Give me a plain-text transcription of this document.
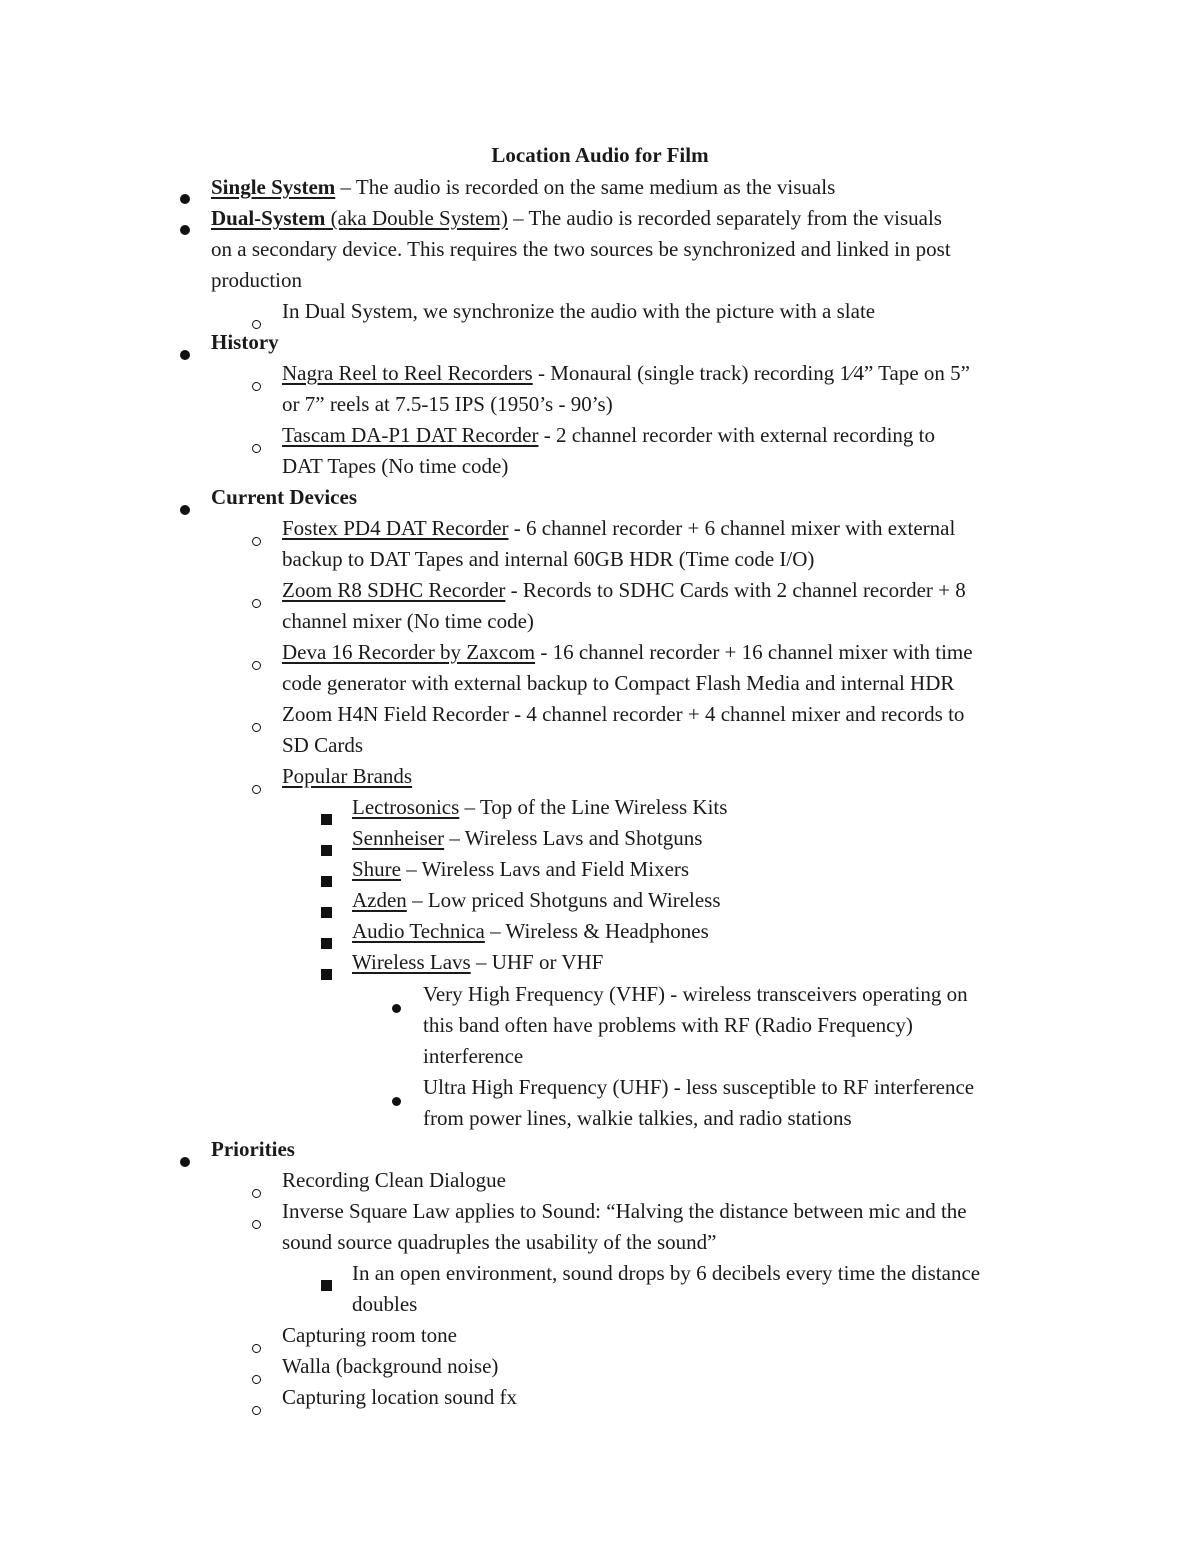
Location Audio for Film
Single System – The audio is recorded on the same medium as the visuals
Dual-System (aka Double System) – The audio is recorded separately from the visuals
on a secondary device. This requires the two sources be synchronized and linked in post
production
In Dual System, we synchronize the audio with the picture with a slate
History
Nagra Reel to Reel Recorders - Monaural (single track) recording 1⁄4” Tape on 5”
or 7” reels at 7.5-15 IPS (1950’s - 90’s)
Tascam DA-P1 DAT Recorder - 2 channel recorder with external recording to
DAT Tapes (No time code)
Current Devices
Fostex PD4 DAT Recorder - 6 channel recorder + 6 channel mixer with external
backup to DAT Tapes and internal 60GB HDR (Time code I/O)
Zoom R8 SDHC Recorder - Records to SDHC Cards with 2 channel recorder + 8
channel mixer (No time code)
Deva 16 Recorder by Zaxcom - 16 channel recorder + 16 channel mixer with time
code generator with external backup to Compact Flash Media and internal HDR
Zoom H4N Field Recorder - 4 channel recorder + 4 channel mixer and records to
SD Cards
Popular Brands
Lectrosonics – Top of the Line Wireless Kits
Sennheiser – Wireless Lavs and Shotguns
Shure – Wireless Lavs and Field Mixers
Azden – Low priced Shotguns and Wireless
Audio Technica – Wireless & Headphones
Wireless Lavs – UHF or VHF
Very High Frequency (VHF) - wireless transceivers operating on
this band often have problems with RF (Radio Frequency)
interference
Ultra High Frequency (UHF) - less susceptible to RF interference
from power lines, walkie talkies, and radio stations
Priorities
Recording Clean Dialogue
Inverse Square Law applies to Sound: “Halving the distance between mic and the
sound source quadruples the usability of the sound”
In an open environment, sound drops by 6 decibels every time the distance
doubles
Capturing room tone
Walla (background noise)
Capturing location sound fx
